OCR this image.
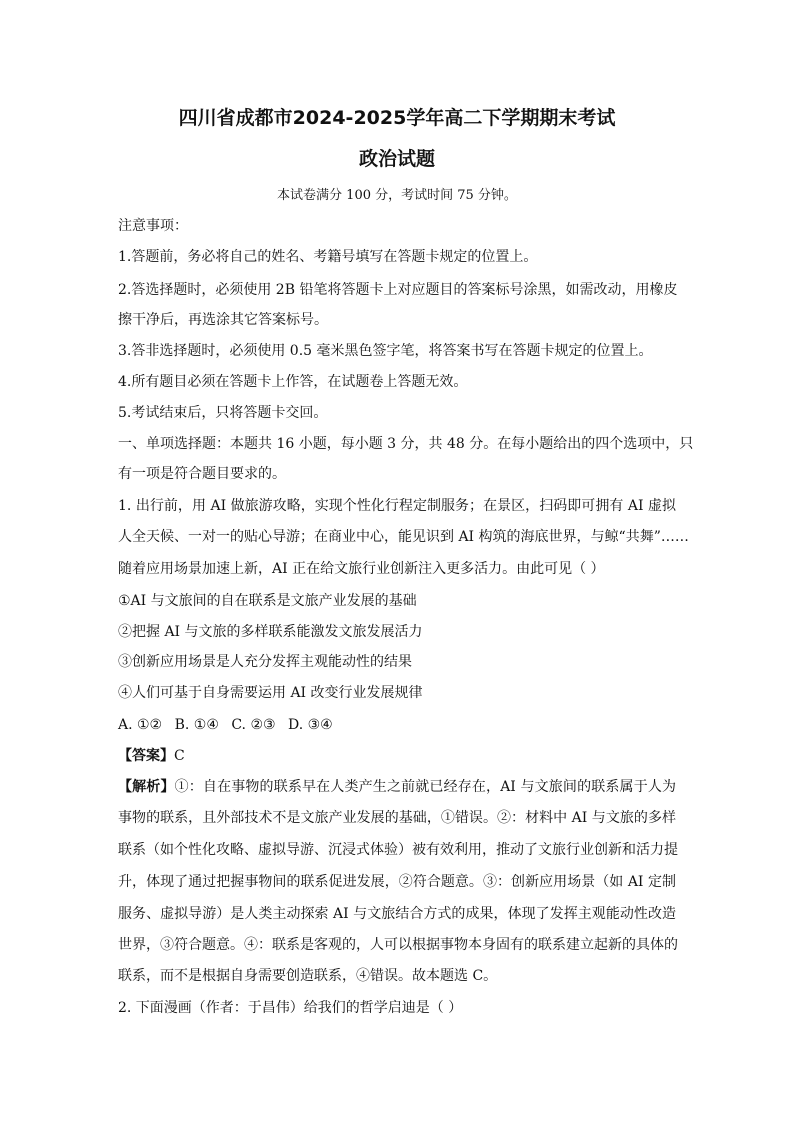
四川省成都市2024-2025学年高二下学期期末考试
政治试题
本试卷满分 100 分，考试时间 75 分钟。
注意事项：
1.答题前，务必将自己的姓名、考籍号填写在答题卡规定的位置上。
2.答选择题时，必须使用 2B 铅笔将答题卡上对应题目的答案标号涂黑，如需改动，用橡皮
擦干净后，再选涂其它答案标号。
3.答非选择题时，必须使用 0.5 毫米黑色签字笔，将答案书写在答题卡规定的位置上。
4.所有题目必须在答题卡上作答，在试题卷上答题无效。
5.考试结束后，只将答题卡交回。
一、单项选择题：本题共 16 小题，每小题 3 分，共 48 分。在每小题给出的四个选项中，只
有一项是符合题目要求的。
1. 出行前，用 AI 做旅游攻略，实现个性化行程定制服务；在景区，扫码即可拥有 AI 虚拟
人全天候、一对一的贴心导游；在商业中心，能见识到 AI 构筑的海底世界，与鲸“共舞”……
随着应用场景加速上新，AI 正在给文旅行业创新注入更多活力。由此可见（ ）
①AI 与文旅间的自在联系是文旅产业发展的基础
②把握 AI 与文旅的多样联系能激发文旅发展活力
③创新应用场景是人充分发挥主观能动性的结果
④人们可基于自身需要运用 AI 改变行业发展规律
A. ①② B. ①④ C. ②③ D. ③④
【答案】C
【解析】①：自在事物的联系早在人类产生之前就已经存在，AI 与文旅间的联系属于人为
事物的联系，且外部技术不是文旅产业发展的基础，①错误。②：材料中 AI 与文旅的多样
联系（如个性化攻略、虚拟导游、沉浸式体验）被有效利用，推动了文旅行业创新和活力提
升，体现了通过把握事物间的联系促进发展，②符合题意。③：创新应用场景（如 AI 定制
服务、虚拟导游）是人类主动探索 AI 与文旅结合方式的成果，体现了发挥主观能动性改造
世界，③符合题意。④：联系是客观的，人可以根据事物本身固有的联系建立起新的具体的
联系，而不是根据自身需要创造联系，④错误。故本题选 C。
2. 下面漫画（作者：于昌伟）给我们的哲学启迪是（ ）
